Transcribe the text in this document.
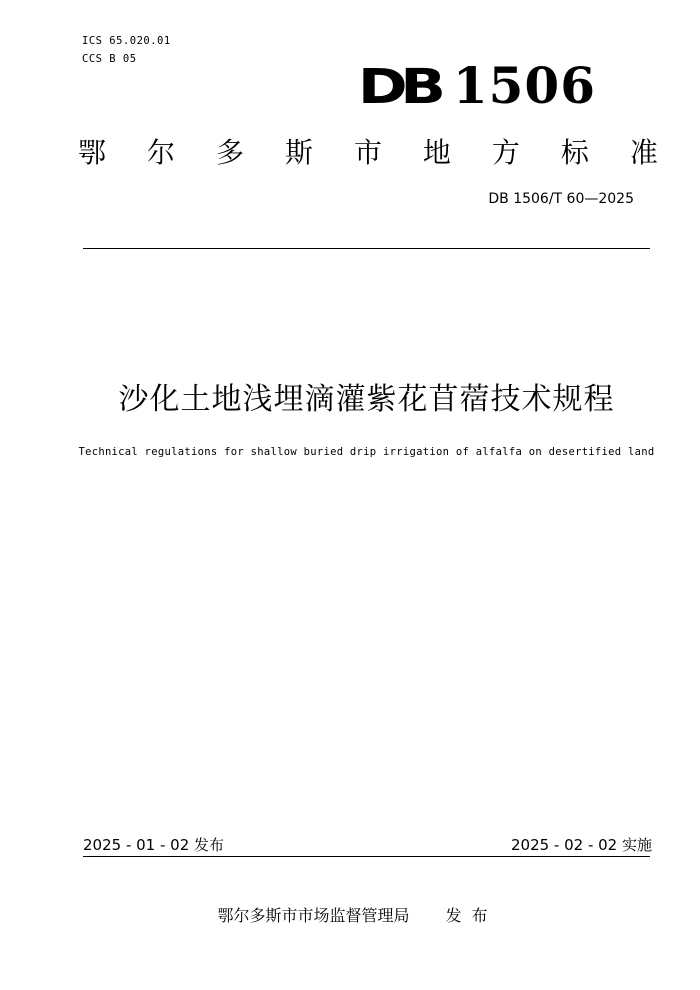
ICS 65.020.01
CCS B 05	DB 1506
鄂 尔 多 斯 市 地 方 标 准
DB 1506/T 60—2025
沙化土地浅埋滴灌紫花苜蓿技术规程
Technical regulations for shallow buried drip irrigation of alfalfa on desertified land
2025 - 01 - 02 发布	2025 - 02 - 02 实施
鄂尔多斯市市场监督管理局 发布
